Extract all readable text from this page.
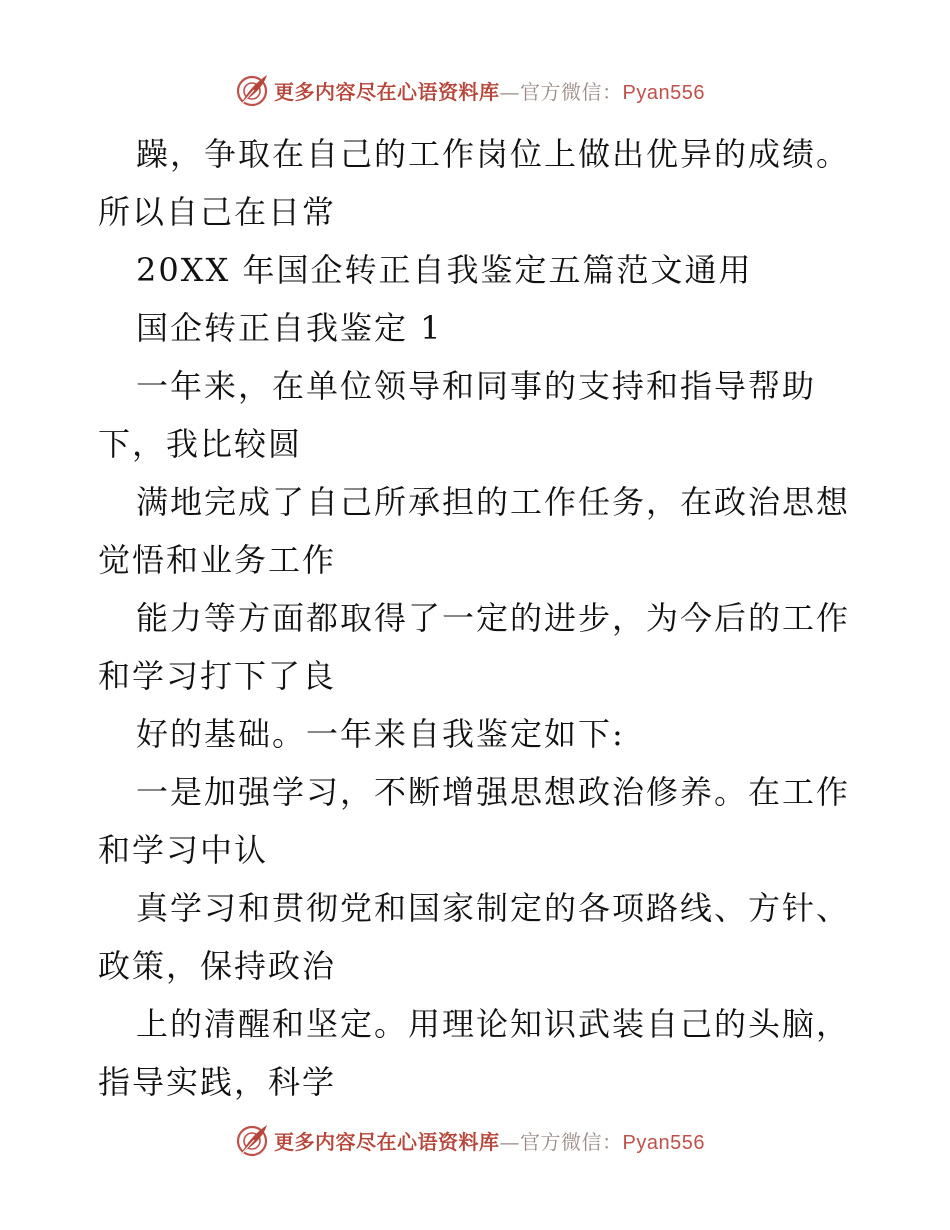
更多内容尽在心语资料库—官方微信：Pyan556
躁，争取在自己的工作岗位上做出优异的成绩。
所以自己在日常
20XX 年国企转正自我鉴定五篇范文通用
国企转正自我鉴定 1
一年来，在单位领导和同事的支持和指导帮助
下，我比较圆
满地完成了自己所承担的工作任务，在政治思想
觉悟和业务工作
能力等方面都取得了一定的进步，为今后的工作
和学习打下了良
好的基础。一年来自我鉴定如下:
一是加强学习，不断增强思想政治修养。在工作
和学习中认
真学习和贯彻党和国家制定的各项路线、方针、
政策，保持政治
上的清醒和坚定。用理论知识武装自己的头脑，
指导实践，科学
更多内容尽在心语资料库—官方微信：Pyan556
